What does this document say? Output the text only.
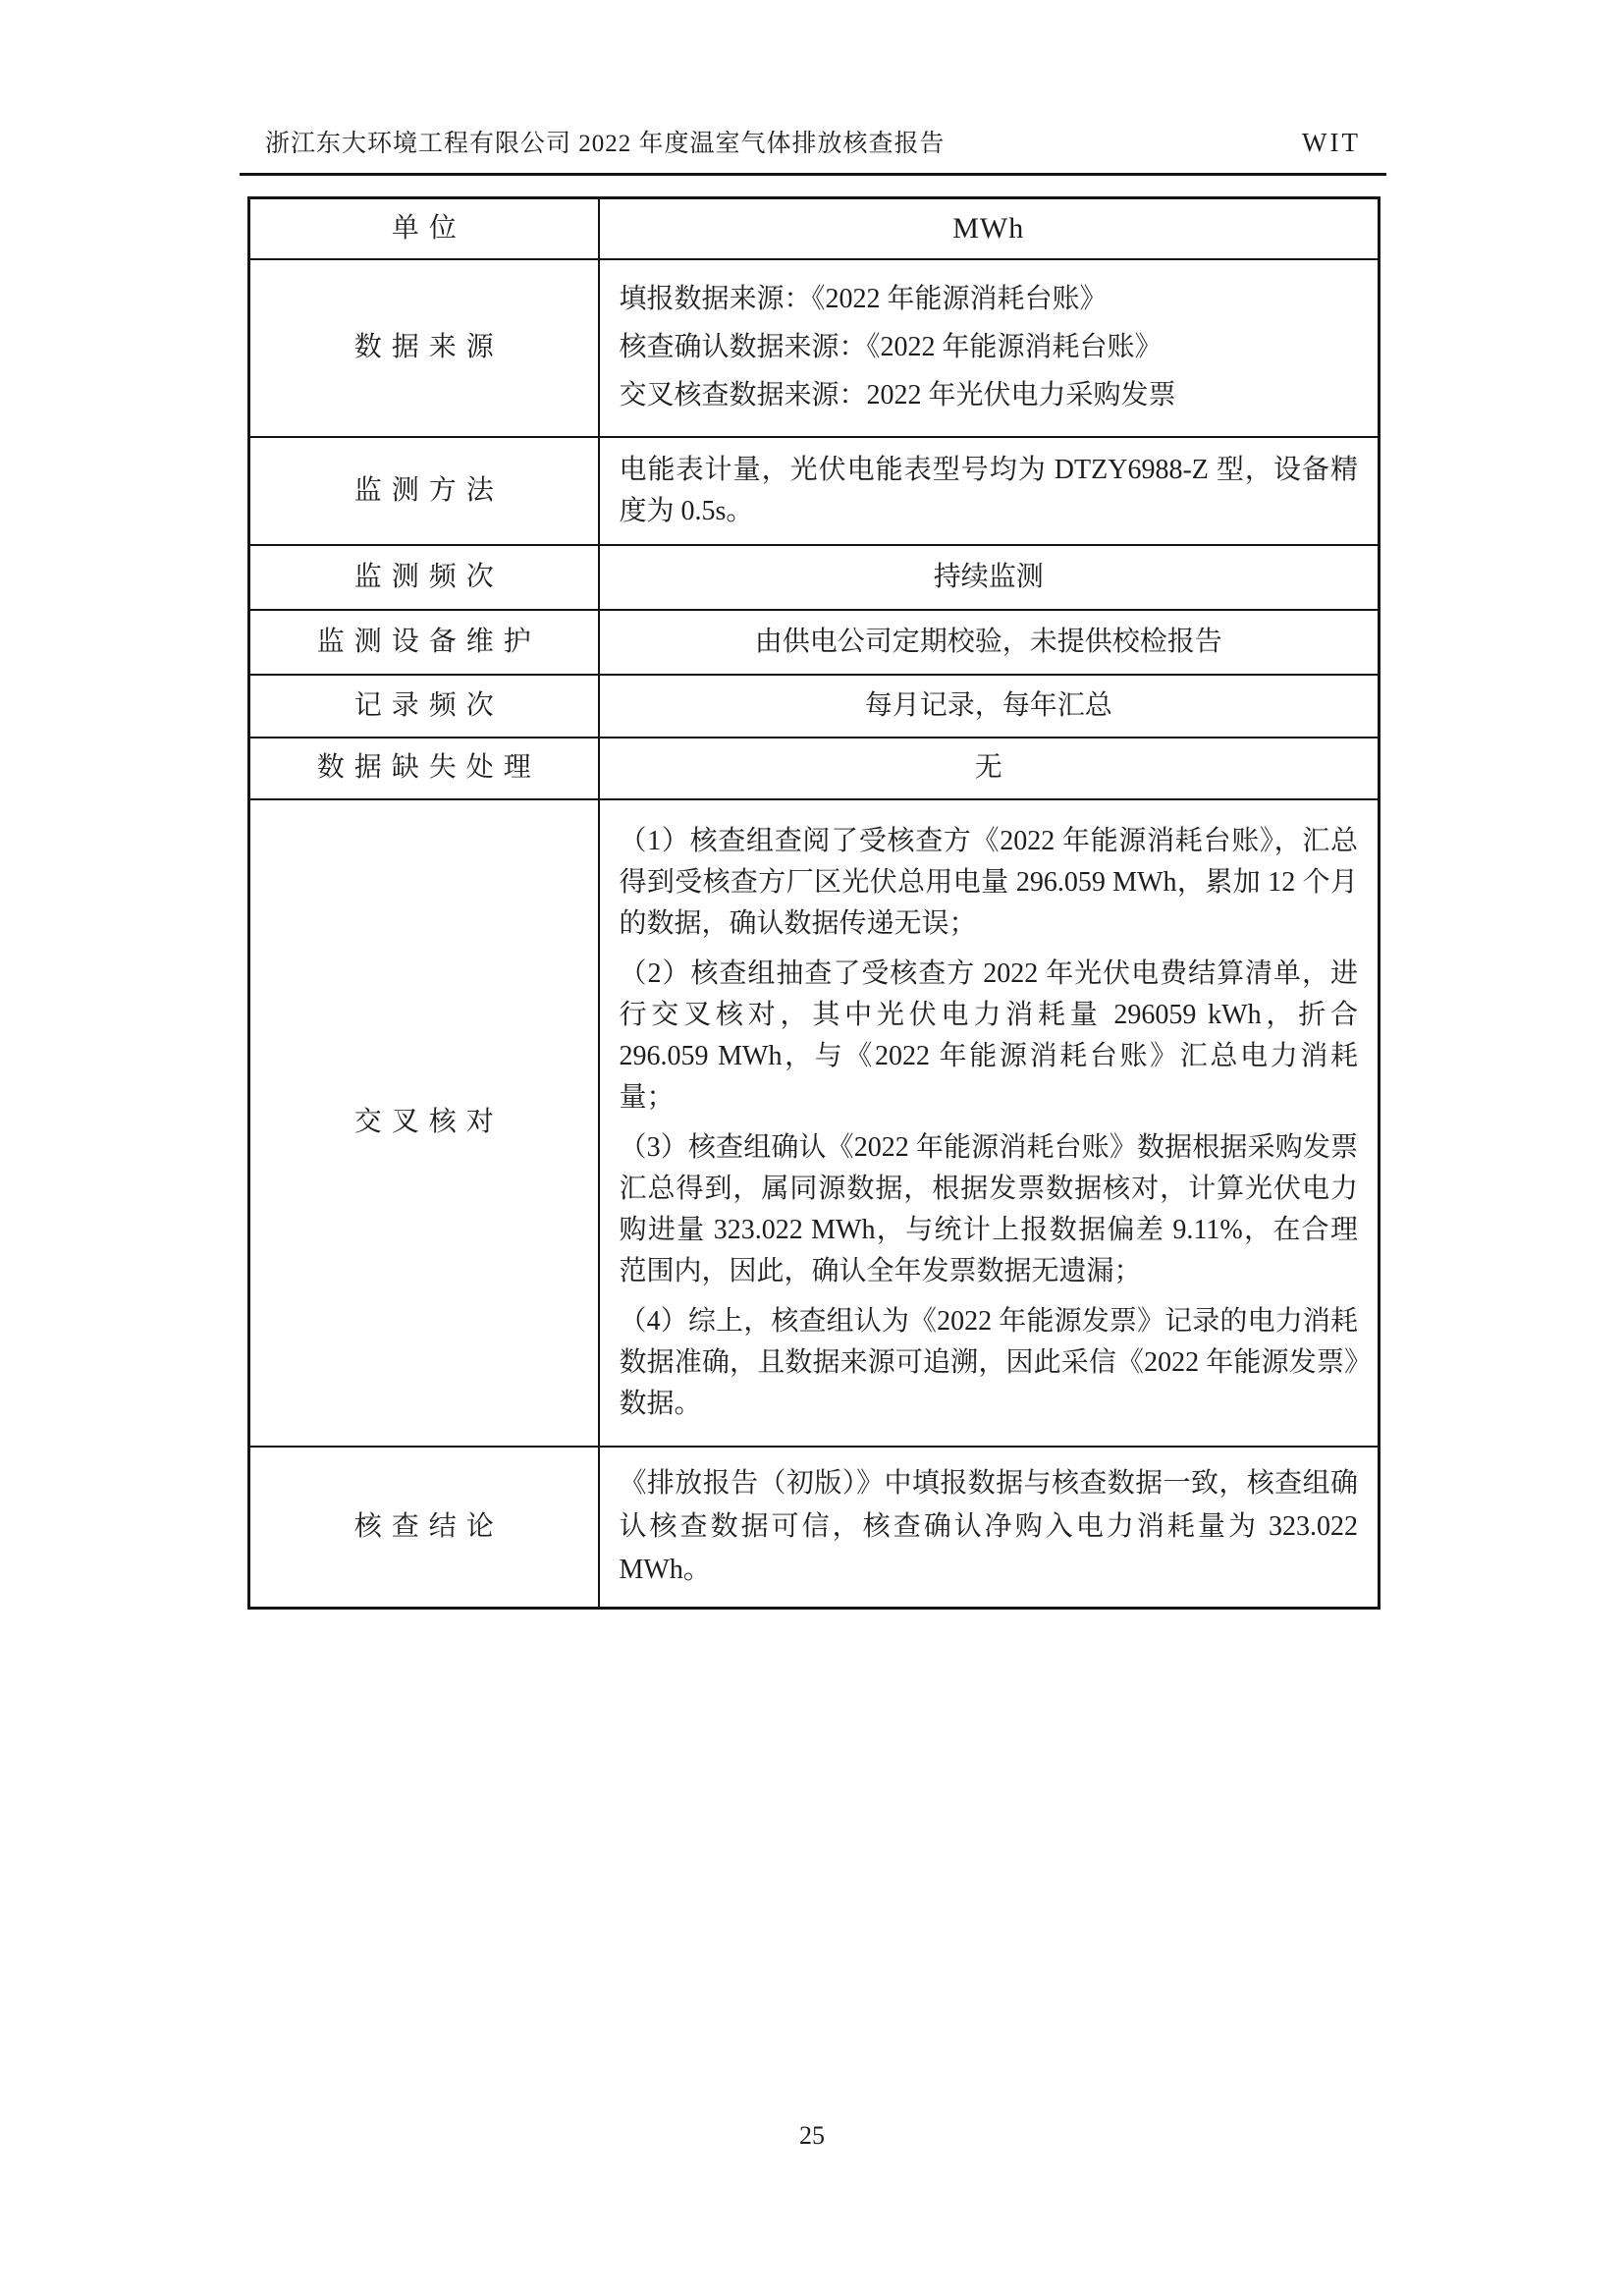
浙江东大环境工程有限公司 2022 年度温室气体排放核查报告	WIT
单位	MWh
数据来源	填报数据来源：《2022 年能源消耗台账》

核查确认数据来源：《2022 年能源消耗台账》

交叉核查数据来源：2022 年光伏电力采购发票

监测方法	电能表计量，光伏电能表型号均为 DTZY6988-Z 型，设备精度为 0.5s。
监测频次	持续监测
监测设备维护	由供电公司定期校验，未提供校检报告
记录频次	每月记录，每年汇总
数据缺失处理	无
交叉核对	（1）核查组查阅了受核查方《2022 年能源消耗台账》，汇总得到受核查方厂区光伏总用电量 296.059 MWh，累加 12 个月的数据，确认数据传递无误；

（2）核查组抽查了受核查方 2022 年光伏电费结算清单，进行交叉核对，其中光伏电力消耗量 296059 kWh，折合 296.059 MWh，与《2022 年能源消耗台账》汇总电力消耗量；

（3）核查组确认《2022 年能源消耗台账》数据根据采购发票汇总得到，属同源数据，根据发票数据核对，计算光伏电力购进量 323.022 MWh，与统计上报数据偏差 9.11%，在合理范围内，因此，确认全年发票数据无遗漏；

（4）综上，核查组认为《2022 年能源发票》记录的电力消耗数据准确，且数据来源可追溯，因此采信《2022 年能源发票》数据。

核查结论	《排放报告（初版）》中填报数据与核查数据一致，核查组确认核查数据可信，核查确认净购入电力消耗量为 323.022 MWh。

25
